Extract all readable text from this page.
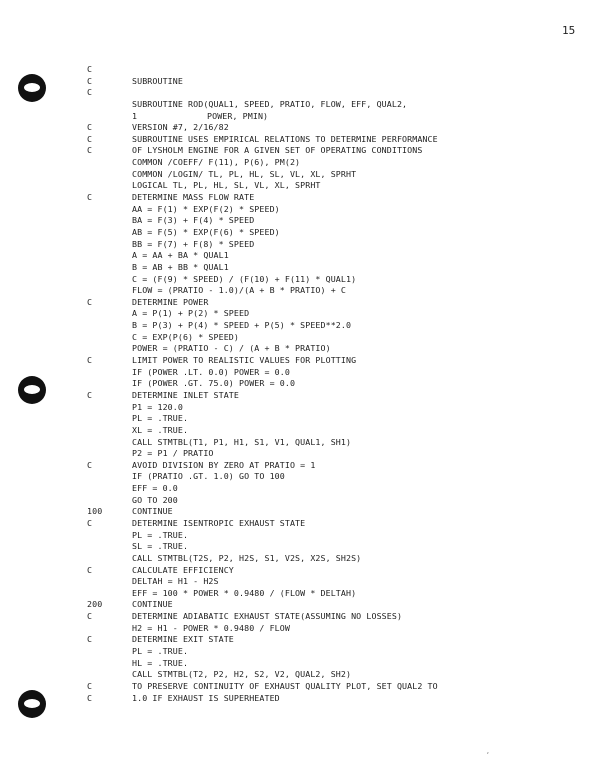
15
C
C	SUBROUTINE
C
SUBROUTINE ROD(QUAL1, SPEED, PRATIO, FLOW, EFF, QUAL2,
1	POWER, PMIN)
C	VERSION #7, 2/16/82
C	SUBROUTINE USES EMPIRICAL RELATIONS TO DETERMINE PERFORMANCE
C	OF LYSHOLM ENGINE FOR A GIVEN SET OF OPERATING CONDITIONS
COMMON /COEFF/ F(11), P(6), PM(2)
COMMON /LOGIN/ TL, PL, HL, SL, VL, XL, SPRHT
LOGICAL TL, PL, HL, SL, VL, XL, SPRHT
C	DETERMINE MASS FLOW RATE
AA = F(1) * EXP(F(2) * SPEED)
BA = F(3) + F(4) * SPEED
AB = F(5) * EXP(F(6) * SPEED)
BB = F(7) + F(8) * SPEED
A = AA + BA * QUAL1
B = AB + BB * QUAL1
C = (F(9) * SPEED) / (F(10) + F(11) * QUAL1)
FLOW = (PRATIO - 1.0)/(A + B * PRATIO) + C
C	DETERMINE POWER
A = P(1) + P(2) * SPEED
B = P(3) + P(4) * SPEED + P(5) * SPEED**2.0
C = EXP(P(6) * SPEED)
POWER = (PRATIO - C) / (A + B * PRATIO)
C	LIMIT POWER TO REALISTIC VALUES FOR PLOTTING
IF (POWER .LT. 0.0) POWER = 0.0
IF (POWER .GT. 75.0) POWER = 0.0
C	DETERMINE INLET STATE
P1 = 120.0
PL = .TRUE.
XL = .TRUE.
CALL STMTBL(T1, P1, H1, S1, V1, QUAL1, SH1)
P2 = P1 / PRATIO
C	AVOID DIVISION BY ZERO AT PRATIO = 1
IF (PRATIO .GT. 1.0) GO TO 100
EFF = 0.0
GO TO 200
100	CONTINUE
C	DETERMINE ISENTROPIC EXHAUST STATE
PL = .TRUE.
SL = .TRUE.
CALL STMTBL(T2S, P2, H2S, S1, V2S, X2S, SH2S)
C	CALCULATE EFFICIENCY
DELTAH = H1 - H2S
EFF = 100 * POWER * 0.9480 / (FLOW * DELTAH)
200	CONTINUE
C	DETERMINE ADIABATIC EXHAUST STATE(ASSUMING NO LOSSES)
H2 = H1 - POWER * 0.9480 / FLOW
C	DETERMINE EXIT STATE
PL = .TRUE.
HL = .TRUE.
CALL STMTBL(T2, P2, H2, S2, V2, QUAL2, SH2)
C	TO PRESERVE CONTINUITY OF EXHAUST QUALITY PLOT, SET QUAL2 TO
C	1.0 IF EXHAUST IS SUPERHEATED
‘
